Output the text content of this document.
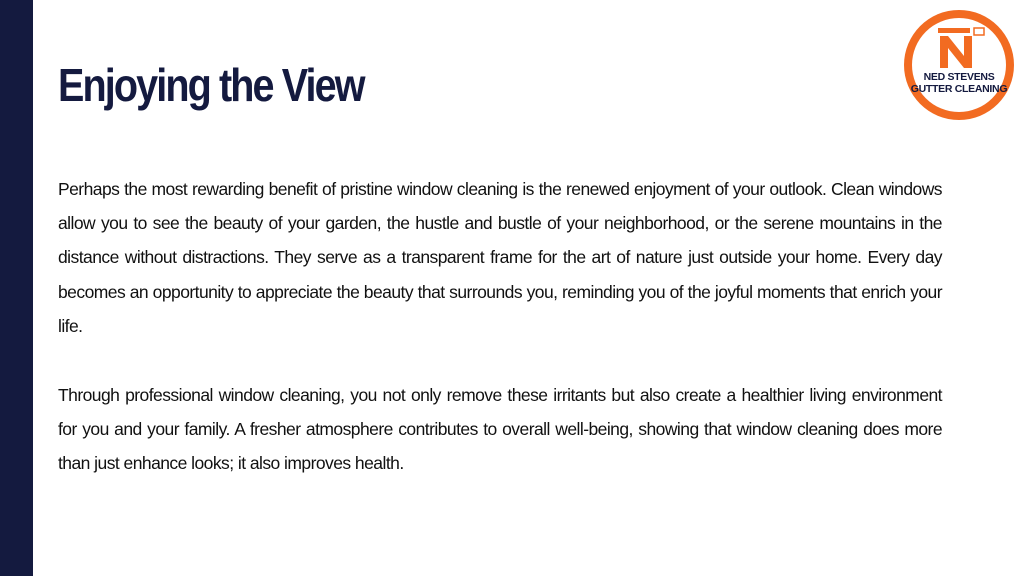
Enjoying the View

Perhaps the most rewarding benefit of pristine window cleaning is the renewed enjoyment of your outlook. Clean windows allow you to see the beauty of your garden, the hustle and bustle of your neighborhood, or the serene mountains in the distance without distractions. They serve as a transparent frame for the art of nature just outside your home. Every day becomes an opportunity to appreciate the beauty that surrounds you, reminding you of the joyful moments that enrich your life.

Through professional window cleaning, you not only remove these irritants but also create a healthier living environment for you and your family. A fresher atmosphere contributes to overall well-being, showing that window cleaning does more than just enhance looks; it also improves health.

NED STEVENS
GUTTER CLEANING
